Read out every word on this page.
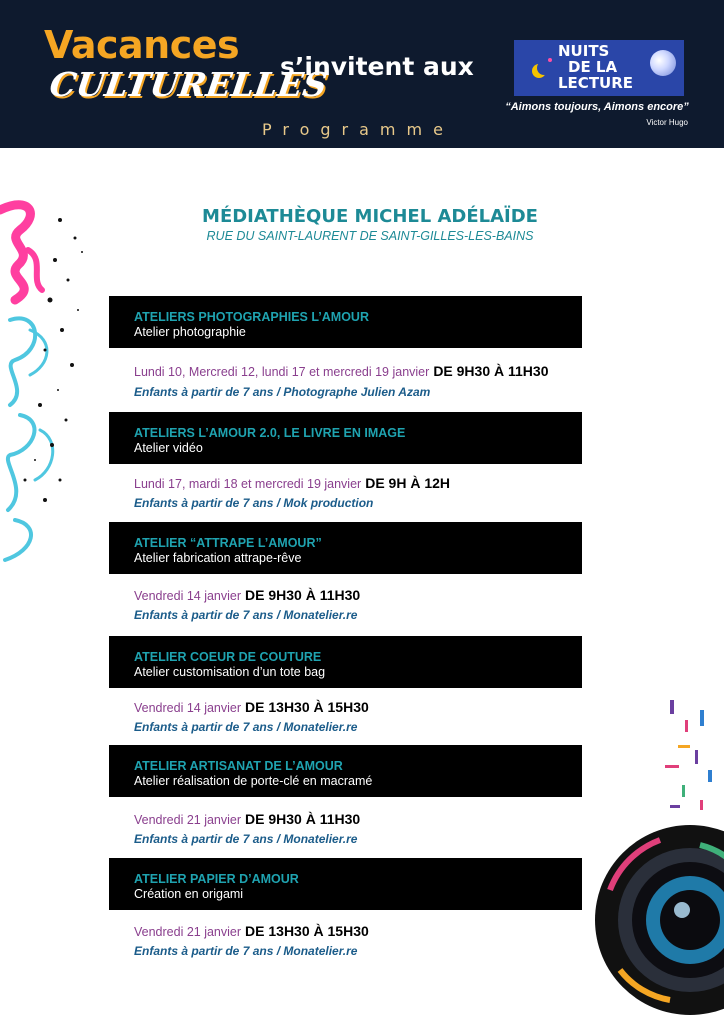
Vacances
CULTURELLES
s’invitent aux
Programme
NUITS
DE LA
LECTURE
“Aimons toujours, Aimons encore”
Victor Hugo
MÉDIATHÈQUE MICHEL ADÉLAÏDE
RUE DU SAINT-LAURENT DE SAINT-GILLES-LES-BAINS
ATELIERS PHOTOGRAPHIES L’AMOUR
Atelier photographie
Lundi 10, Mercredi 12, lundi 17 et mercredi 19 janvier DE 9H30 À 11H30
Enfants à partir de 7 ans / Photographe Julien Azam
ATELIERS L’AMOUR 2.0, LE LIVRE EN IMAGE
Atelier vidéo
Lundi 17, mardi 18 et mercredi 19 janvier DE 9H À 12H
Enfants à partir de 7 ans / Mok production
ATELIER “ATTRAPE L’AMOUR”
Atelier fabrication attrape-rêve
Vendredi 14 janvier DE 9H30 À 11H30
Enfants à partir de 7 ans / Monatelier.re
ATELIER COEUR DE COUTURE
Atelier customisation d’un tote bag
Vendredi 14 janvier DE 13H30 À 15H30
Enfants à partir de 7 ans / Monatelier.re
ATELIER ARTISANAT DE L’AMOUR
Atelier réalisation de porte-clé en macramé
Vendredi 21 janvier DE 9H30 À 11H30
Enfants à partir de 7 ans / Monatelier.re
ATELIER PAPIER D’AMOUR
Création en origami
Vendredi 21 janvier DE 13H30 À 15H30
Enfants à partir de 7 ans / Monatelier.re
